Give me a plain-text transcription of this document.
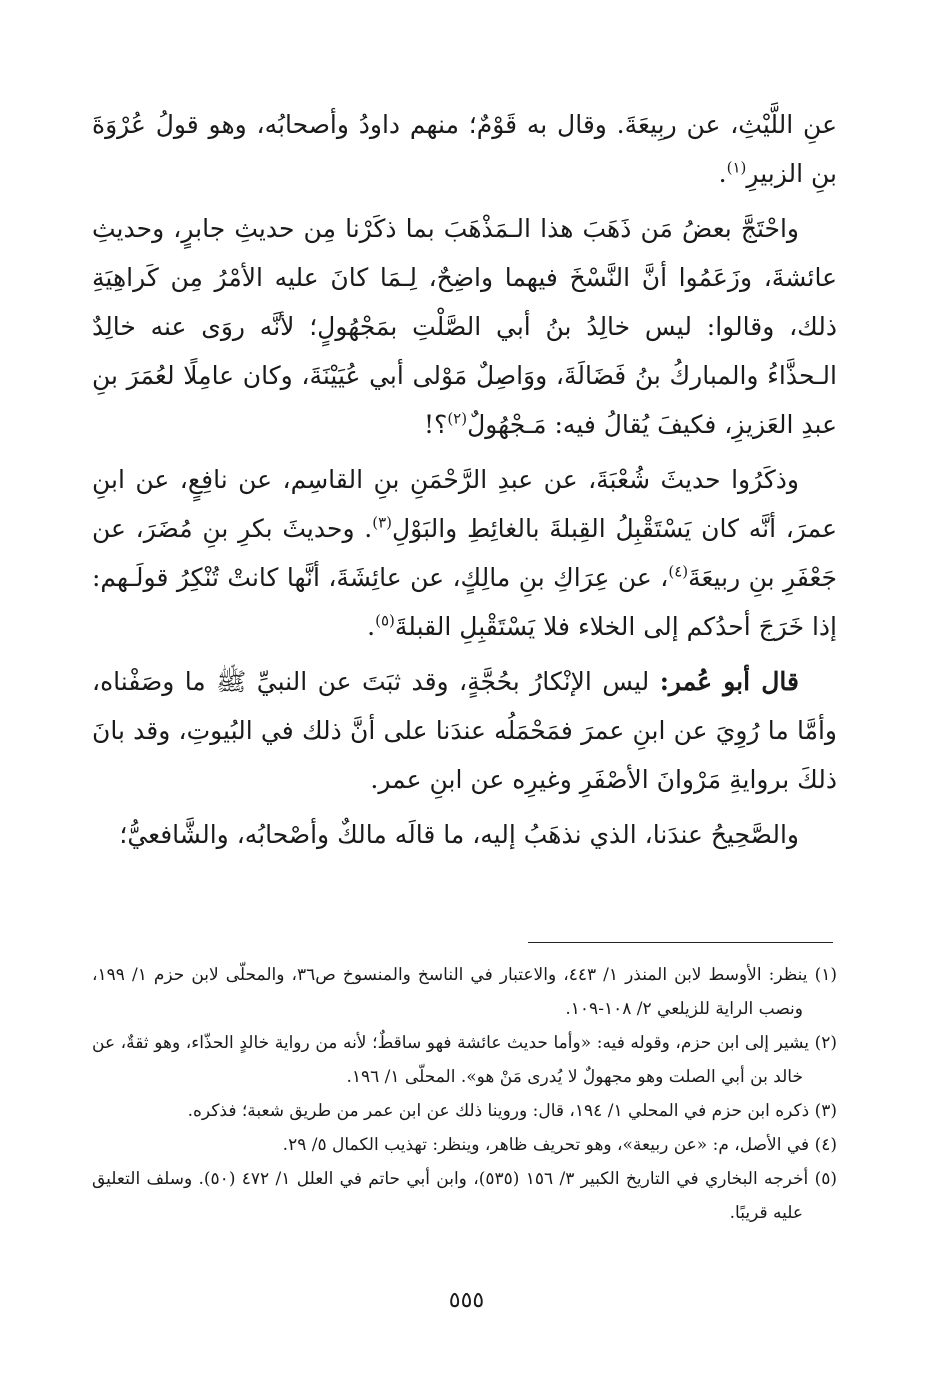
عنِ اللَّيْثِ، عن ربِيعَةَ. وقال به قَوْمٌ؛ منهم داودُ وأصحابُه، وهو قولُ عُرْوَةَ بنِ الزبيرِ$^{(١)}$.

واحْتَجَّ بعضُ مَن ذَهَبَ هذا الـمَذْهَبَ بما ذكَرْنا مِن حديثِ جابرٍ، وحديثِ عائشةَ، وزَعَمُوا أنَّ النَّسْخَ فيهما واضِحٌ، لِـمَا كانَ عليه الأمْرُ مِن كَراهِيَةِ ذلك، وقالوا: ليس خالِدُ بنُ أبي الصَّلْتِ بمَجْهُولٍ؛ لأنَّه روَى عنه خالِدٌ الـحذَّاءُ والمباركُ بنُ فَضَالَةَ، ووَاصِلٌ مَوْلى أبي عُيَيْنَةَ، وكان عامِلًا لعُمَرَ بنِ عبدِ العَزيزِ، فكيفَ يُقالُ فيه: مَـجْهُولٌ$^{(٢)}$؟!

وذكَرُوا حديثَ شُعْبَةَ، عن عبدِ الرَّحْمَنِ بنِ القاسِم، عن نافِعٍ، عن ابنِ عمرَ، أنَّه كان يَسْتَقْبِلُ القِبلةَ بالغائِطِ والبَوْلِ$^{(٣)}$. وحديثَ بكرِ بنِ مُضَرَ، عن جَعْفَرِ بنِ ربيعَةَ$^{(٤)}$، عن عِرَاكِ بنِ مالِكٍ، عن عائِشَةَ، أنَّها كانتْ تُنْكِرُ قولَـهم: إذا خَرَجَ أحدُكم إلى الخلاء فلا يَسْتَقْبِلِ القبلةَ$^{(٥)}$.

قال أبو عُمر: ليس الإنْكارُ بحُجَّةٍ، وقد ثبَتَ عن النبيِّ ﷺ ما وصَفْناه، وأمَّا ما رُوِيَ عن ابنِ عمرَ فمَحْمَلُه عندَنا على أنَّ ذلك في البُيوتِ، وقد بانَ ذلكَ بروايةِ مَرْوانَ الأصْفَرِ وغيرِه عن ابنِ عمر.

والصَّحِيحُ عندَنا، الذي نذهَبُ إليه، ما قالَه مالكٌ وأصْحابُه، والشَّافعيُّ؛

(١) ينظر: الأوسط لابن المنذر ١/ ٤٤٣، والاعتبار في الناسخ والمنسوخ ص٣٦، والمحلّى لابن حزم ١/ ١٩٩، ونصب الراية للزيلعي ٢/ ١٠٨-١٠٩.

(٢) يشير إلى ابن حزم، وقوله فيه: «وأما حديث عائشة فهو ساقطٌ؛ لأنه من رواية خالدٍ الحذّاء، وهو ثقةٌ، عن خالد بن أبي الصلت وهو مجهولٌ لا يُدرى مَنْ هو». المحلّى ١/ ١٩٦.

(٣) ذكره ابن حزم في المحلي ١/ ١٩٤، قال: وروينا ذلك عن ابن عمر من طريق شعبة؛ فذكره.

(٤) في الأصل، م: «عن ربيعة»، وهو تحريف ظاهر، وينظر: تهذيب الكمال ٥/ ٢٩.

(٥) أخرجه البخاري في التاريخ الكبير ٣/ ١٥٦ (٥٣٥)، وابن أبي حاتم في العلل ١/ ٤٧٢ (٥٠). وسلف التعليق عليه قريبًا.

٥٥٥
